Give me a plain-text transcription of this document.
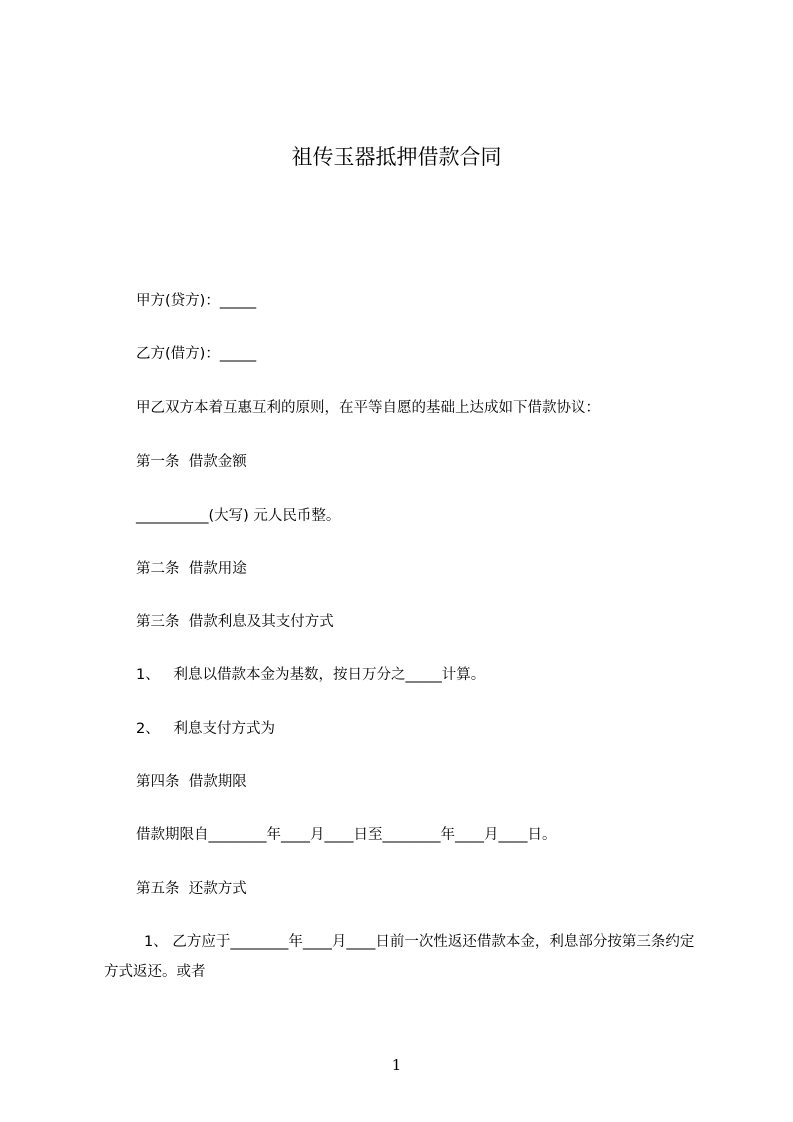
祖传玉器抵押借款合同

甲方(贷方)：_____

乙方(借方)：_____

甲乙双方本着互惠互利的原则，在平等自愿的基础上达成如下借款协议：

第一条  借款金额

__________(大写) 元人民币整。

第二条  借款用途

第三条  借款利息及其支付方式

1、   利息以借款本金为基数，按日万分之_____计算。

2、   利息支付方式为

第四条  借款期限

借款期限自________年____月____日至________年____月____日。

第五条  还款方式

1、 乙方应于________年____月____日前一次性返还借款本金，利息部分按第三条约定方式返还。或者

1
